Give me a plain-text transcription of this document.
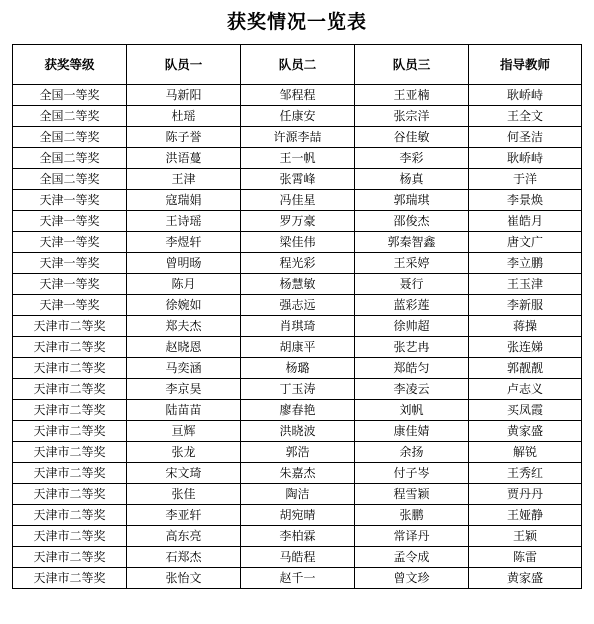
获奖情况一览表
获奖等级	队员一	队员二	队员三	指导教师
全国一等奖	马新阳	邹程程	王亚楠	耿峤峙
全国二等奖	杜瑶	任康安	张宗洋	王全文
全国二等奖	陈子誉	许源李喆	谷佳敏	何圣洁
全国二等奖	洪语蔓	王一帆	李彩	耿峤峙
全国二等奖	王津	张霄峰	杨真	于洋
天津一等奖	寇瑞娟	冯佳星	郭瑞琪	李景焕
天津一等奖	王诗瑶	罗万豪	邵俊杰	崔皓月
天津一等奖	李煜轩	梁佳伟	郭秦智鑫	唐文广
天津一等奖	曾明旸	程光彩	王采婷	李立鹏
天津一等奖	陈月	杨慧敏	聂行	王玉津
天津一等奖	徐婉如	强志远	蓝彩莲	李新服
天津市二等奖	郑夫杰	肖琪琦	徐帅超	蒋操
天津市二等奖	赵晓恩	胡康平	张艺冉	张连娣
天津市二等奖	马奕涵	杨璐	郑皓匀	郭靓靓
天津市二等奖	李京昊	丁玉涛	李凌云	卢志义
天津市二等奖	陆苗苗	廖春艳	刘帆	买凤霞
天津市二等奖	亘辉	洪晓波	康佳婧	黄家盛
天津市二等奖	张龙	郭浩	余扬	解锐
天津市二等奖	宋文琦	朱嘉杰	付子岑	王秀红
天津市二等奖	张佳	陶洁	程雪颖	贾丹丹
天津市二等奖	李亚轩	胡宛晴	张鹏	王娅静
天津市二等奖	高东亮	李柏霖	常译丹	王颖
天津市二等奖	石郑杰	马皓程	孟令成	陈雷
天津市二等奖	张怡文	赵千一	曾文珍	黄家盛
